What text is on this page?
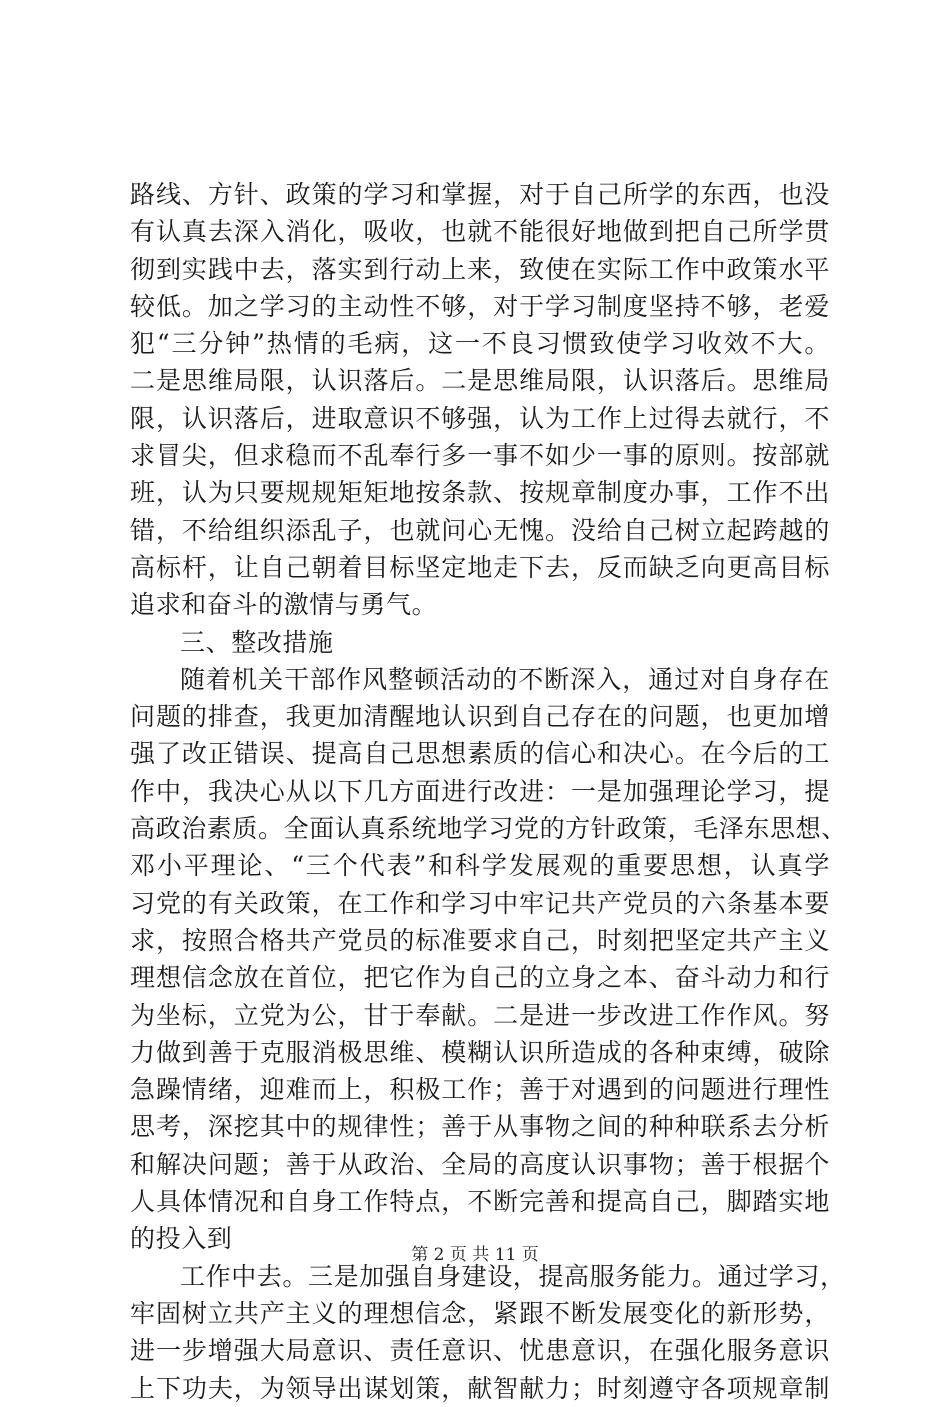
路线、方针、政策的学习和掌握，对于自己所学的东西，也没
有认真去深入消化，吸收，也就不能很好地做到把自己所学贯
彻到实践中去，落实到行动上来，致使在实际工作中政策水平
较低。加之学习的主动性不够，对于学习制度坚持不够，老爱
犯“三分钟”热情的毛病，这一不良习惯致使学习收效不大。
二是思维局限，认识落后。二是思维局限，认识落后。思维局
限，认识落后，进取意识不够强，认为工作上过得去就行，不
求冒尖，但求稳而不乱奉行多一事不如少一事的原则。按部就
班，认为只要规规矩矩地按条款、按规章制度办事，工作不出
错，不给组织添乱子，也就问心无愧。没给自己树立起跨越的
高标杆，让自己朝着目标坚定地走下去，反而缺乏向更高目标
追求和奋斗的激情与勇气。
三、整改措施
随着机关干部作风整顿活动的不断深入，通过对自身存在
问题的排查，我更加清醒地认识到自己存在的问题，也更加增
强了改正错误、提高自己思想素质的信心和决心。在今后的工
作中，我决心从以下几方面进行改进：一是加强理论学习，提
高政治素质。全面认真系统地学习党的方针政策，毛泽东思想、
邓小平理论、“三个代表”和科学发展观的重要思想，认真学
习党的有关政策，在工作和学习中牢记共产党员的六条基本要
求，按照合格共产党员的标准要求自己，时刻把坚定共产主义
理想信念放在首位，把它作为自己的立身之本、奋斗动力和行
为坐标，立党为公，甘于奉献。二是进一步改进工作作风。努
力做到善于克服消极思维、模糊认识所造成的各种束缚，破除
急躁情绪，迎难而上，积极工作；善于对遇到的问题进行理性
思考，深挖其中的规律性；善于从事物之间的种种联系去分析
和解决问题；善于从政治、全局的高度认识事物；善于根据个
人具体情况和自身工作特点，不断完善和提高自己，脚踏实地
的投入到
工作中去。三是加强自身建设，提高服务能力。通过学习，
牢固树立共产主义的理想信念，紧跟不断发展变化的新形势，
进一步增强大局意识、责任意识、忧患意识，在强化服务意识
上下功夫，为领导出谋划策，献智献力；时刻遵守各项规章制
第 2 页 共 11 页
